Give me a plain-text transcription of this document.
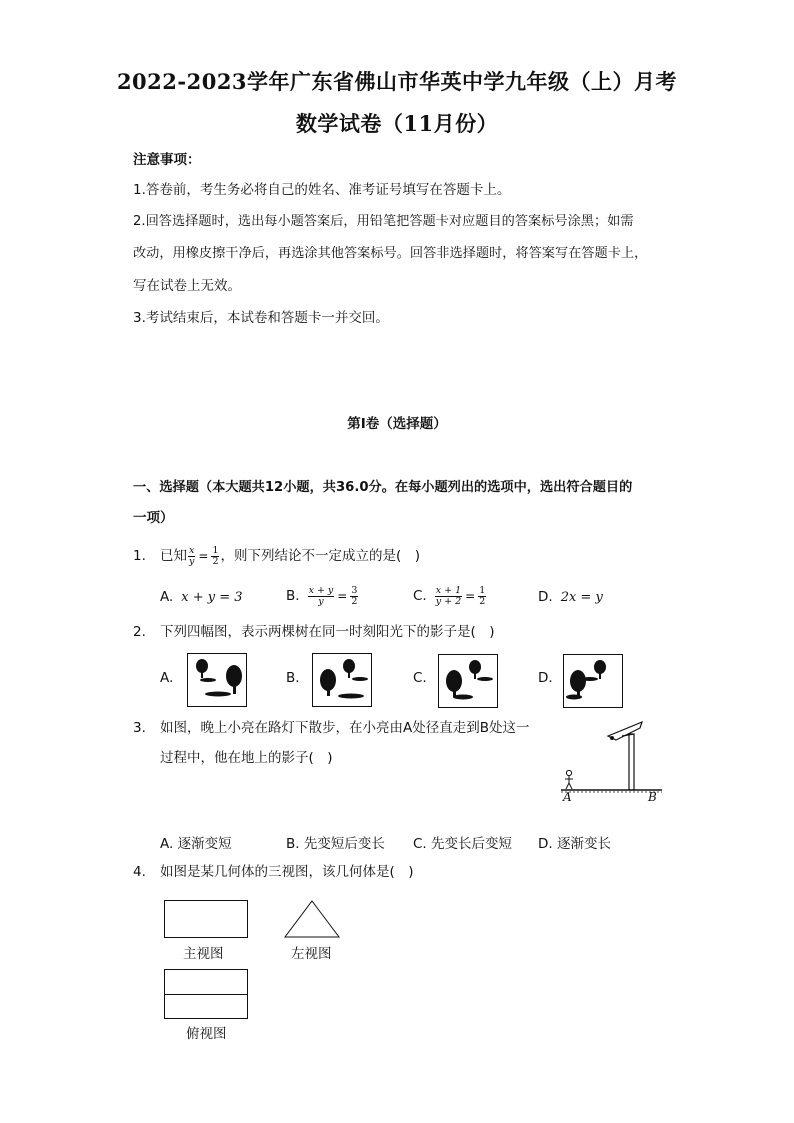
2022-2023学年广东省佛山市华英中学九年级（上）月考
数学试卷（11月份）
注意事项：
1.答卷前，考生务必将自己的姓名、准考证号填写在答题卡上。
2.回答选择题时，选出每小题答案后，用铅笔把答题卡对应题目的答案标号涂黑；如需
改动，用橡皮擦干净后，再选涂其他答案标号。回答非选择题时，将答案写在答题卡上，
写在试卷上无效。
3.考试结束后，本试卷和答题卡一并交回。
第I卷（选择题）
一、选择题（本大题共12小题，共36.0分。在每小题列出的选项中，选出符合题目的
一项）
1. 已知 $\frac{x}{y} = \frac{1}{2}$ ，则下列结论不一定成立的是(　)
A. x + y = 3	B. $\frac{x + y}{y} = \frac{3}{2}$	C. $\frac{x + 1}{y + 2} = \frac{1}{2}$	D. 2x = y
2. 下列四幅图，表示两棵树在同一时刻阳光下的影子是(　)
A.	B.	C.	D.
3. 如图，晚上小亮在路灯下散步，在小亮由A处径直走到B处这一
过程中，他在地上的影子(　)
A	B
A. 逐渐变短	B. 先变短后变长 C. 先变长后变短 D. 逐渐变长
4. 如图是某几何体的三视图，该几何体是(　)
主视图	左视图
俯视图
